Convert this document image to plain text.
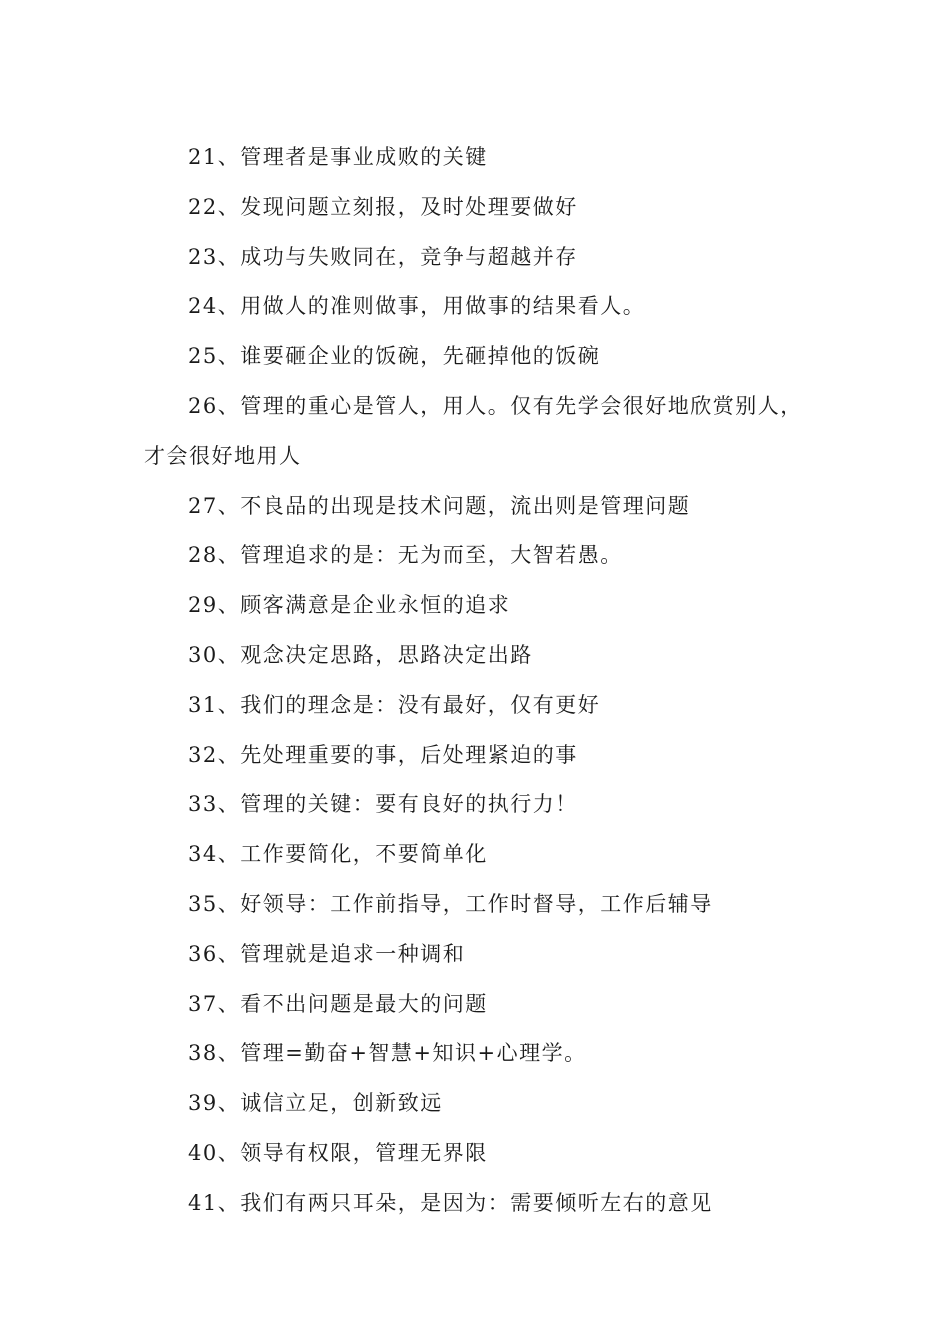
21、管理者是事业成败的关键

22、发现问题立刻报，及时处理要做好

23、成功与失败同在，竞争与超越并存

24、用做人的准则做事，用做事的结果看人。

25、谁要砸企业的饭碗，先砸掉他的饭碗

26、管理的重心是管人，用人。仅有先学会很好地欣赏别人，才会很好地用人

27、不良品的出现是技术问题，流出则是管理问题

28、管理追求的是：无为而至，大智若愚。

29、顾客满意是企业永恒的追求

30、观念决定思路，思路决定出路

31、我们的理念是：没有最好，仅有更好

32、先处理重要的事，后处理紧迫的事

33、管理的关键：要有良好的执行力！

34、工作要简化，不要简单化

35、好领导：工作前指导，工作时督导，工作后辅导

36、管理就是追求一种调和

37、看不出问题是最大的问题

38、管理=勤奋+智慧+知识+心理学。

39、诚信立足，创新致远

40、领导有权限，管理无界限

41、我们有两只耳朵，是因为：需要倾听左右的意见
